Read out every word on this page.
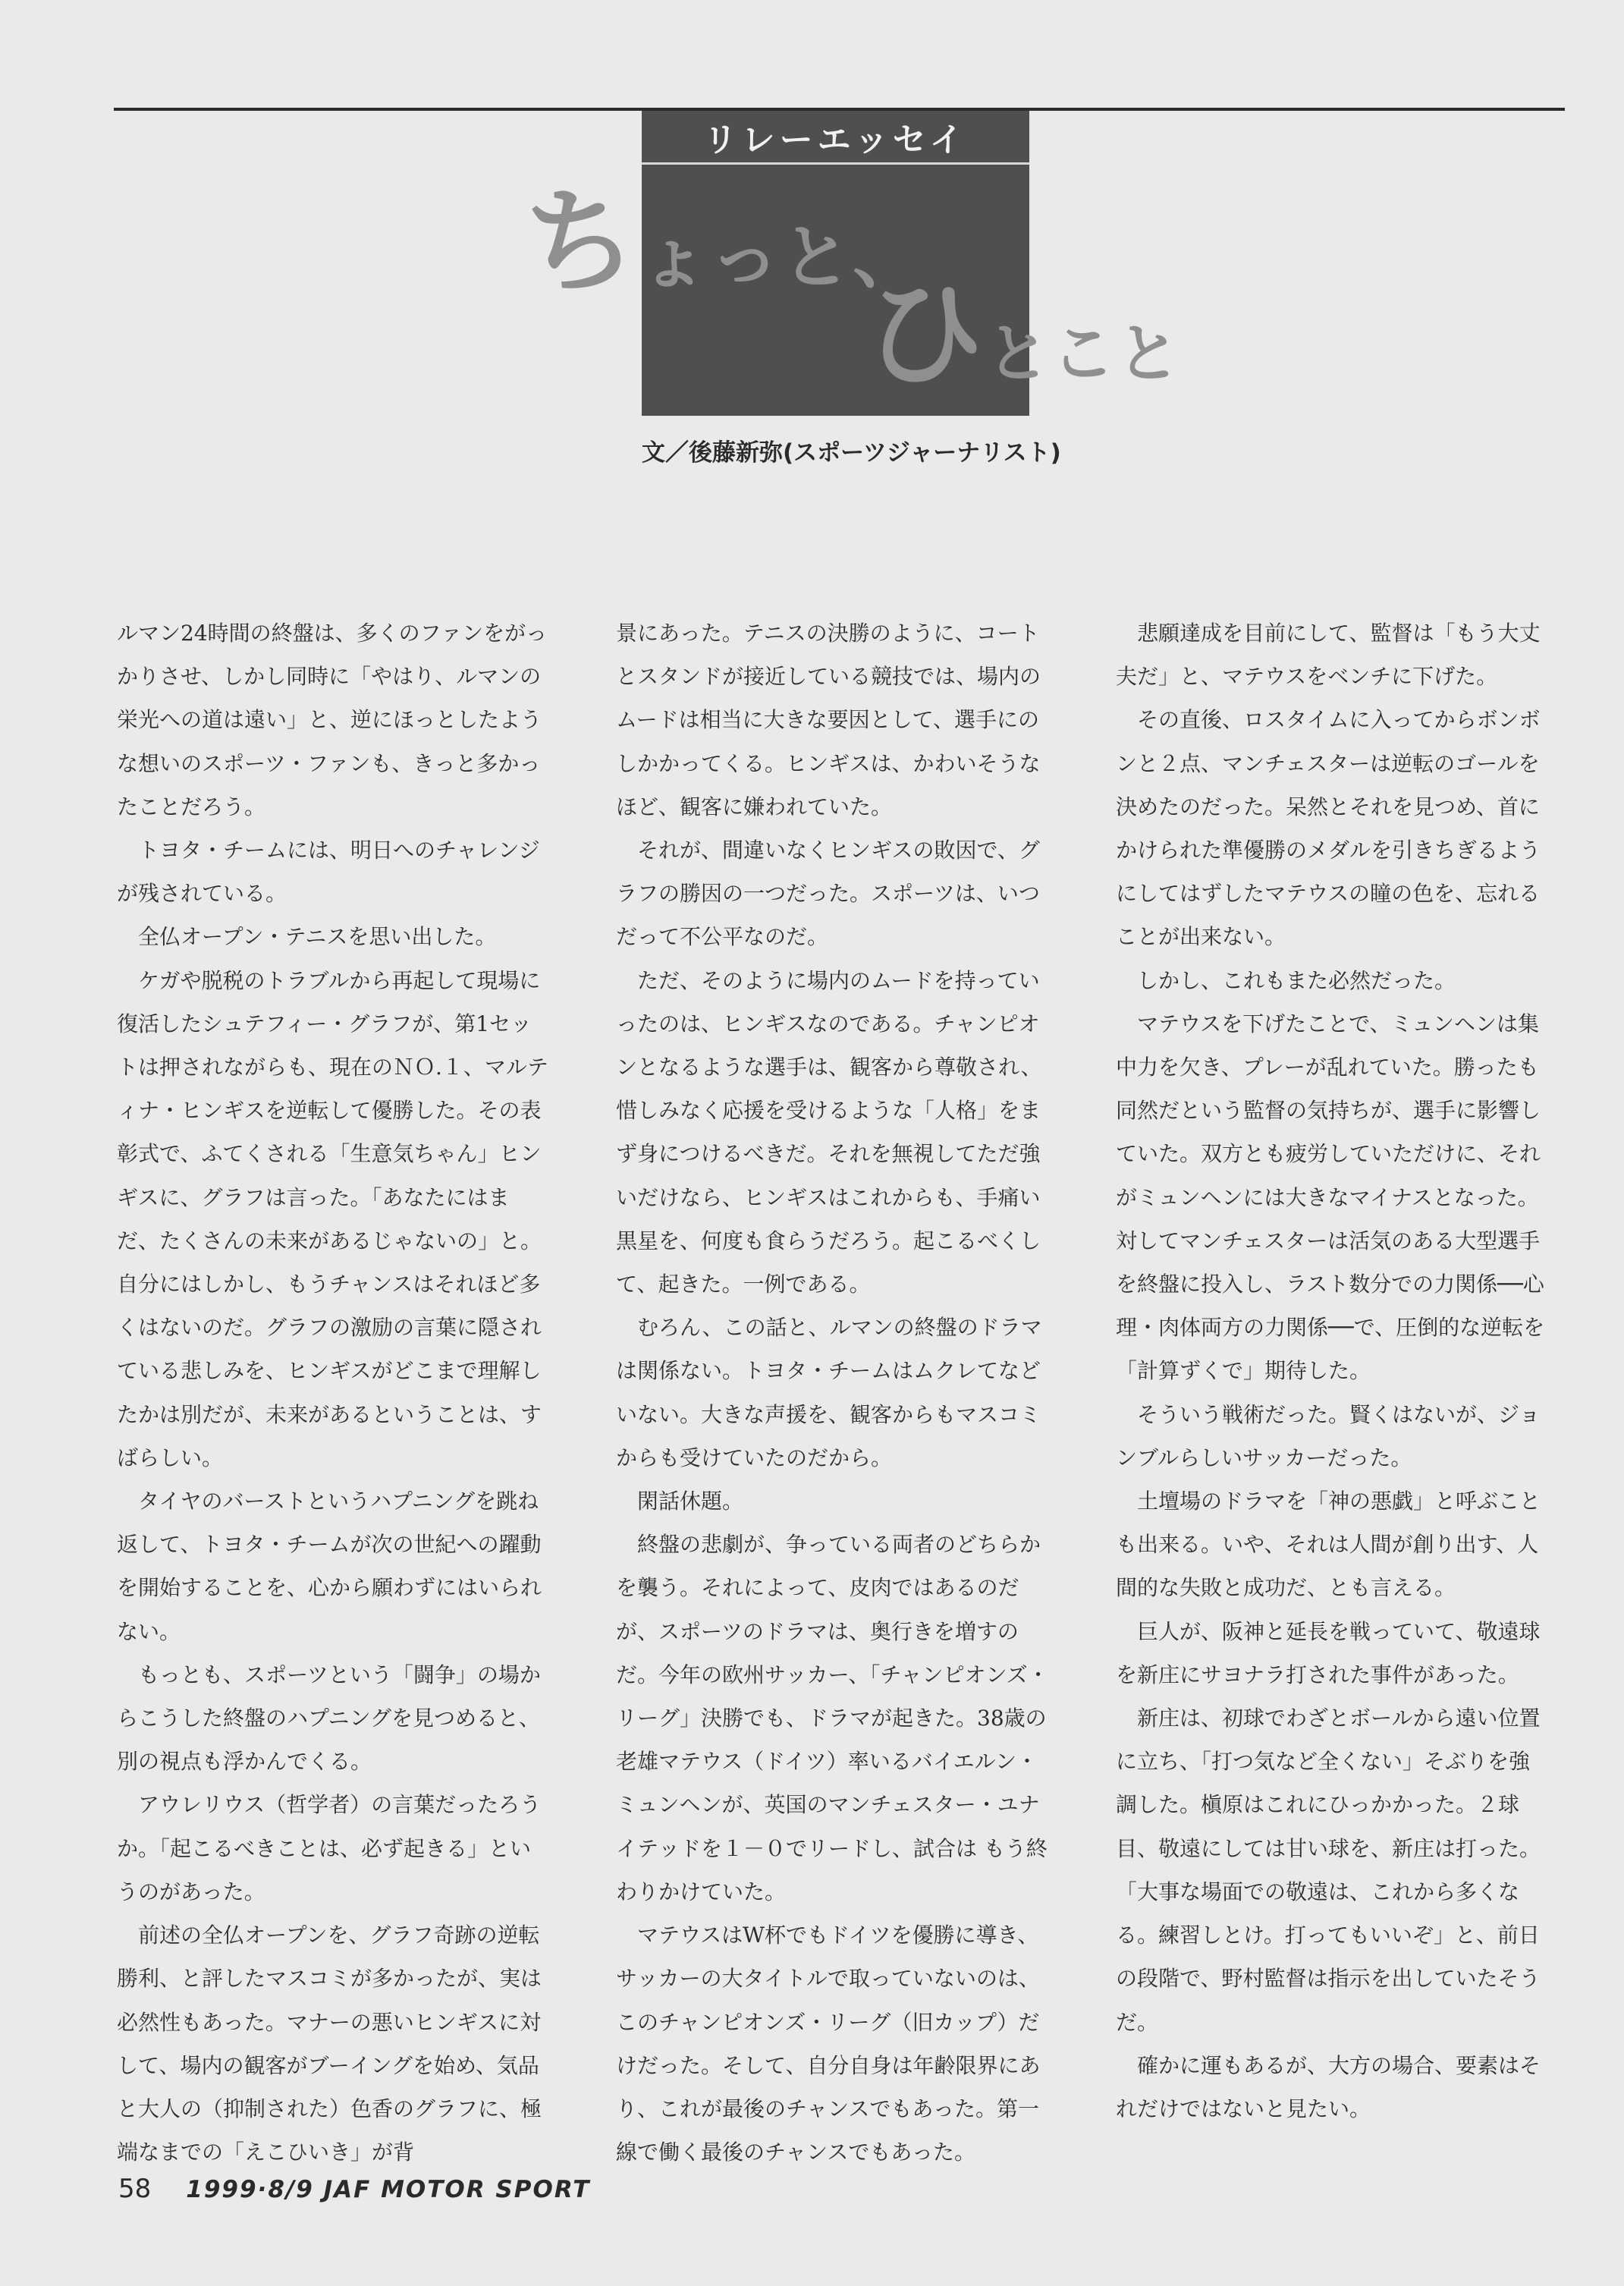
リレーエッセイ
ちょっと、
ひとこと
文／後藤新弥(スポーツジャーナリスト)

ルマン24時間の終盤は、多くのファンをがっかりさせ、しかし同時に「やはり、ルマンの栄光への道は遠い」と、逆にほっとしたような想いのスポーツ・ファンも、きっと多かったことだろう。

トヨタ・チームには、明日へのチャレンジが残されている。

全仏オープン・テニスを思い出した。

ケガや脱税のトラブルから再起して現場に復活したシュテフィー・グラフが、第1セットは押されながらも、現在のＮＯ.１、マルティナ・ヒンギスを逆転して優勝した。その表彰式で、ふてくされる「生意気ちゃん」ヒンギスに、グラフは言った。「あなたにはまだ、たくさんの未来があるじゃないの」と。自分にはしかし、もうチャンスはそれほど多くはないのだ。グラフの激励の言葉に隠されている悲しみを、ヒンギスがどこまで理解したかは別だが、未来があるということは、すばらしい。

タイヤのバーストというハプニングを跳ね返して、トヨタ・チームが次の世紀への躍動を開始することを、心から願わずにはいられない。

もっとも、スポーツという「闘争」の場からこうした終盤のハプニングを見つめると、別の視点も浮かんでくる。

アウレリウス（哲学者）の言葉だったろうか。「起こるべきことは、必ず起きる」というのがあった。

前述の全仏オープンを、グラフ奇跡の逆転勝利、と評したマスコミが多かったが、実は必然性もあった。マナーの悪いヒンギスに対して、場内の観客がブーイングを始め、気品と大人の（抑制された）色香のグラフに、極端なまでの「えこひいき」が背

景にあった。テニスの決勝のように、コートとスタンドが接近している競技では、場内のムードは相当に大きな要因として、選手にのしかかってくる。ヒンギスは、かわいそうなほど、観客に嫌われていた。

それが、間違いなくヒンギスの敗因で、グラフの勝因の一つだった。スポーツは、いつだって不公平なのだ。

ただ、そのように場内のムードを持っていったのは、ヒンギスなのである。チャンピオンとなるような選手は、観客から尊敬され、惜しみなく応援を受けるような「人格」をまず身につけるべきだ。それを無視してただ強いだけなら、ヒンギスはこれからも、手痛い黒星を、何度も食らうだろう。起こるべくして、起きた。一例である。

むろん、この話と、ルマンの終盤のドラマは関係ない。トヨタ・チームはムクレてなどいない。大きな声援を、観客からもマスコミからも受けていたのだから。

閑話休題。

終盤の悲劇が、争っている両者のどちらかを襲う。それによって、皮肉ではあるのだが、スポーツのドラマは、奥行きを増すのだ。今年の欧州サッカー、「チャンピオンズ・リーグ」決勝でも、ドラマが起きた。38歳の老雄マテウス（ドイツ）率いるバイエルン・ミュンヘンが、英国のマンチェスター・ユナイテッドを１－０でリードし、試合は もう終わりかけていた。

マテウスはW杯でもドイツを優勝に導き、サッカーの大タイトルで取っていないのは、このチャンピオンズ・リーグ（旧カップ）だけだった。そして、自分自身は年齢限界にあり、これが最後のチャンスでもあった。第一線で働く最後のチャンスでもあった。

悲願達成を目前にして、監督は「もう大丈夫だ」と、マテウスをベンチに下げた。

その直後、ロスタイムに入ってからボンボンと２点、マンチェスターは逆転のゴールを決めたのだった。呆然とそれを見つめ、首にかけられた準優勝のメダルを引きちぎるようにしてはずしたマテウスの瞳の色を、忘れることが出来ない。

しかし、これもまた必然だった。

マテウスを下げたことで、ミュンヘンは集中力を欠き、プレーが乱れていた。勝ったも同然だという監督の気持ちが、選手に影響していた。双方とも疲労していただけに、それがミュンヘンには大きなマイナスとなった。対してマンチェスターは活気のある大型選手を終盤に投入し、ラスト数分での力関係──心理・肉体両方の力関係──で、圧倒的な逆転を「計算ずくで」期待した。

そういう戦術だった。賢くはないが、ジョンブルらしいサッカーだった。

土壇場のドラマを「神の悪戯」と呼ぶことも出来る。いや、それは人間が創り出す、人間的な失敗と成功だ、とも言える。

巨人が、阪神と延長を戦っていて、敬遠球を新庄にサヨナラ打された事件があった。

新庄は、初球でわざとボールから遠い位置に立ち、「打つ気など全くない」そぶりを強調した。槇原はこれにひっかかった。２球目、敬遠にしては甘い球を、新庄は打った。

「大事な場面での敬遠は、これから多くなる。練習しとけ。打ってもいいぞ」と、前日の段階で、野村監督は指示を出していたそうだ。

確かに運もあるが、大方の場合、要素はそれだけではないと見たい。

58 1999·8/9 JAF MOTOR SPORT
